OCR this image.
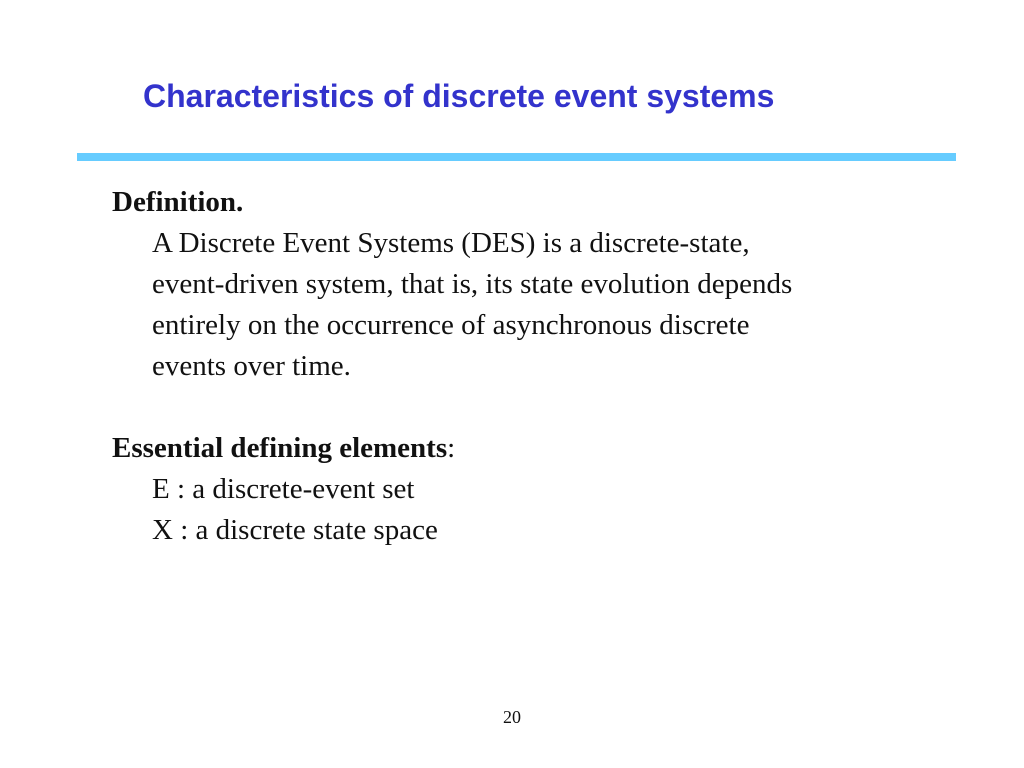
Characteristics of discrete event systems
Definition.
A Discrete Event Systems (DES) is a discrete-state,
event-driven system, that is, its state evolution depends
entirely on the occurrence of asynchronous discrete
events over time.
Essential defining elements:
E : a discrete-event set
X : a discrete state space
20
